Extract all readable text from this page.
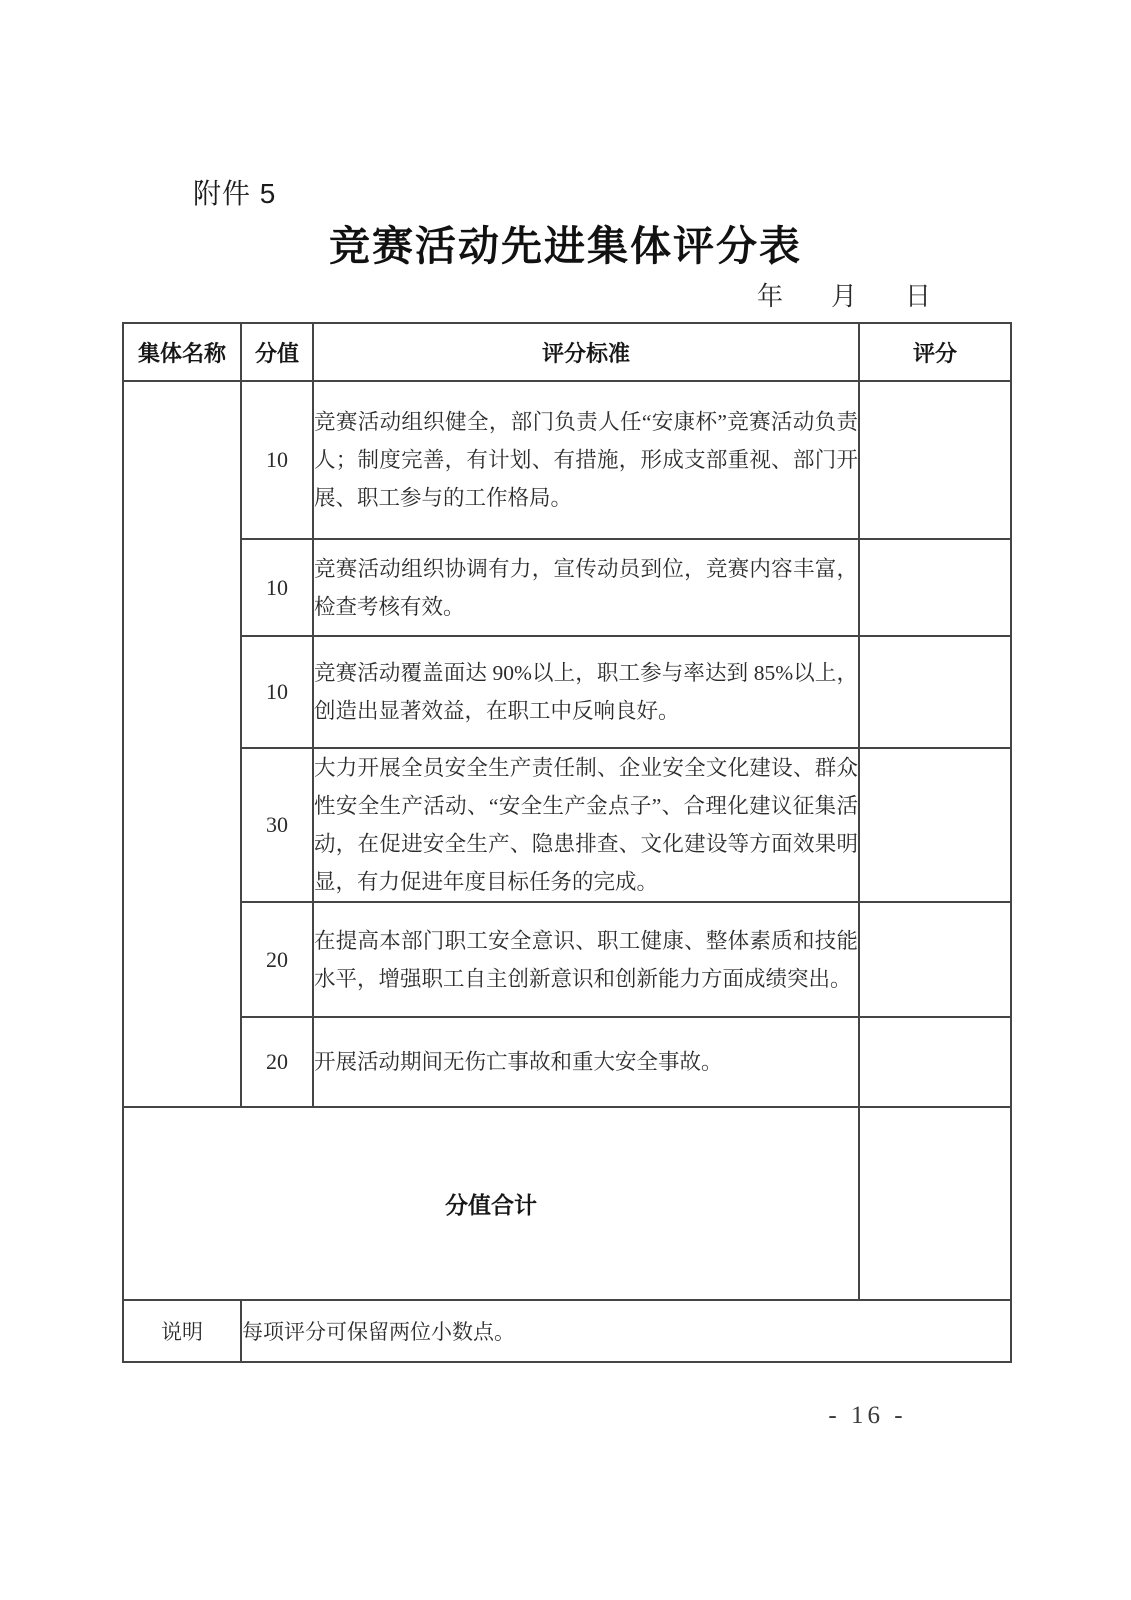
附件 5
竞赛活动先进集体评分表
年 月 日
集体名称	分值	评分标准	评分
	10	竞赛活动组织健全，部门负责人任“安康杯”竞赛活动负责人；制度完善，有计划、有措施，形成支部重视、部门开展、职工参与的工作格局。	
	10	竞赛活动组织协调有力，宣传动员到位，竞赛内容丰富，检查考核有效。	
	10	竞赛活动覆盖面达 90%以上，职工参与率达到 85%以上，创造出显著效益，在职工中反响良好。	
	30	大力开展全员安全生产责任制、企业安全文化建设、群众性安全生产活动、“安全生产金点子”、合理化建议征集活动，在促进安全生产、隐患排查、文化建设等方面效果明显，有力促进年度目标任务的完成。	
	20	在提高本部门职工安全意识、职工健康、整体素质和技能水平，增强职工自主创新意识和创新能力方面成绩突出。	
	20	开展活动期间无伤亡事故和重大安全事故。	
分值合计			
说明	每项评分可保留两位小数点。		
- 16 -
